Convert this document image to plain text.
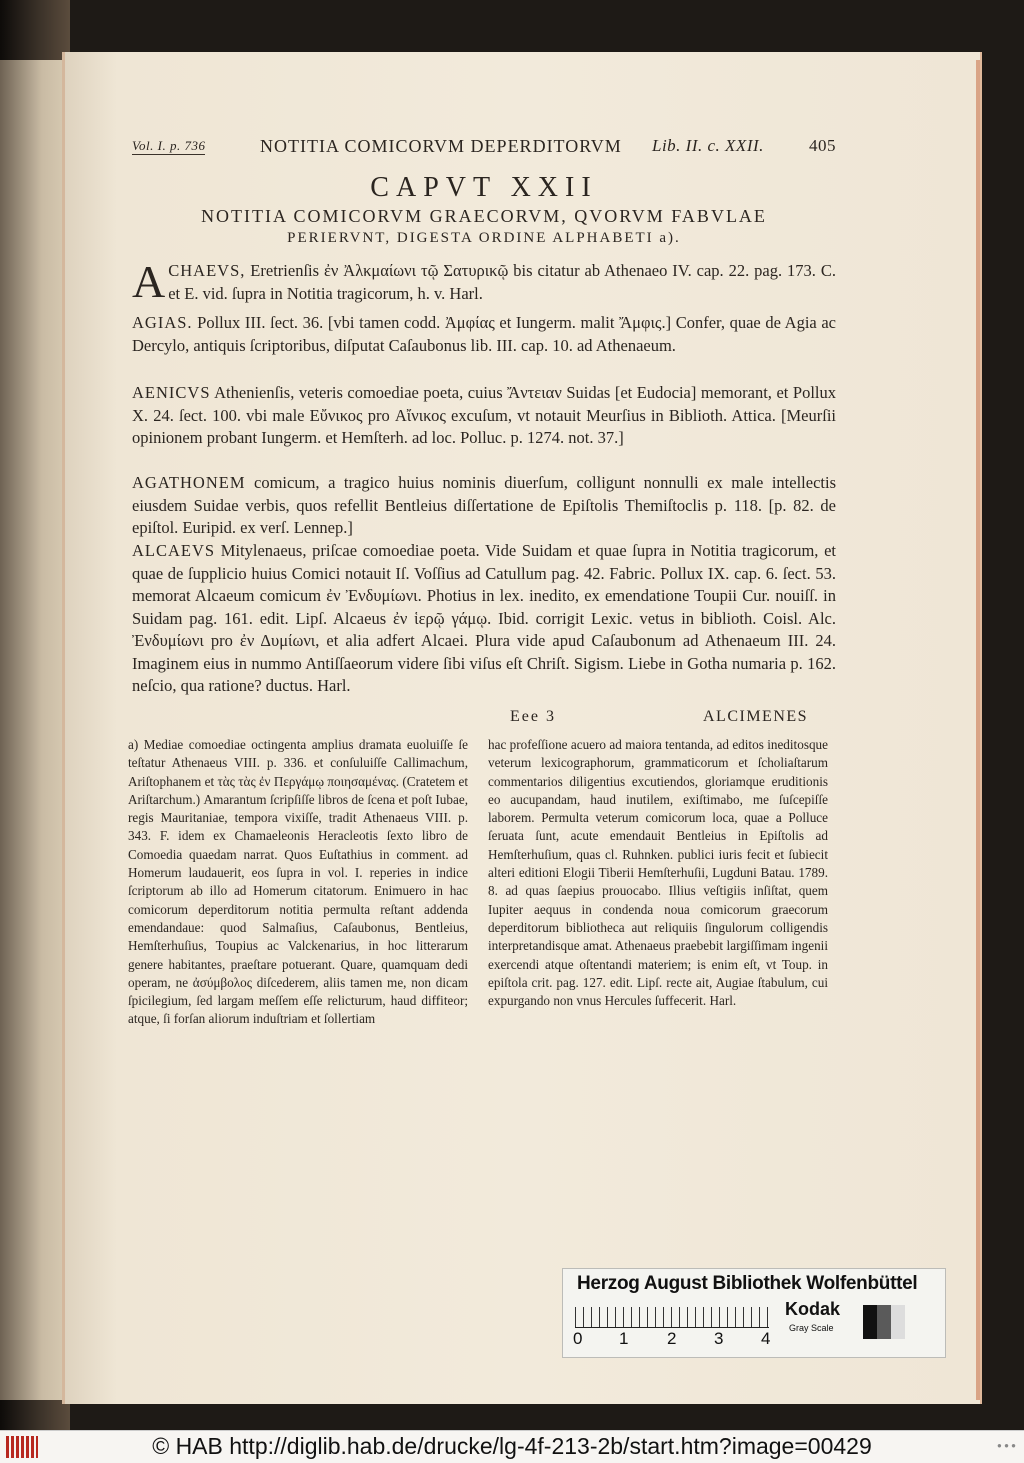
Vol. I. p. 736	NOTITIA COMICORVM DEPERDITORVM Lib. II. c. XXII.	405
CAPVT XXII
NOTITIA COMICORVM GRAECORVM, QVORVM FABVLAE
PERIERVNT, DIGESTA ORDINE ALPHABETI a).
ACHAEVS, Eretrienſis ἐν Ἀλκμαίωνι τῷ Σατυρικῷ bis citatur ab Athenaeo IV. cap. 22. pag. 173. C. et E. vid. ſupra in Notitia tragicorum, h. v. Harl.
AGIAS. Pollux III. ſect. 36. [vbi tamen codd. Ἀμφίας et Iungerm. malit Ἄμφις.] Confer, quae de Agia ac Dercylo, antiquis ſcriptoribus, diſputat Caſaubonus lib. III. cap. 10. ad Athenaeum.
AENICVS Athenienſis, veteris comoediae poeta, cuius Ἄντειαν Suidas [et Eudocia] memorant, et Pollux X. 24. ſect. 100. vbi male Εὔνικος pro Αἴνικος excuſum, vt notauit Meurſius in Biblioth. Attica. [Meurſii opinionem probant Iungerm. et Hemſterh. ad loc. Polluc. p. 1274. not. 37.]
AGATHONEM comicum, a tragico huius nominis diuerſum, colligunt nonnulli ex male intellectis eiusdem Suidae verbis, quos refellit Bentleius diſſertatione de Epiſtolis Themiſtoclis p. 118. [p. 82. de epiſtol. Euripid. ex verſ. Lennep.]
ALCAEVS Mitylenaeus, priſcae comoediae poeta. Vide Suidam et quae ſupra in Notitia tragicorum, et quae de ſupplicio huius Comici notauit Iſ. Voſſius ad Catullum pag. 42. Fabric. Pollux IX. cap. 6. ſect. 53. memorat Alcaeum comicum ἐν Ἐνδυμίωνι. Photius in lex. inedito, ex emendatione Toupii Cur. nouiſſ. in Suidam pag. 161. edit. Lipſ. Alcaeus ἐν ἱερῷ γάμῳ. Ibid. corrigit Lexic. vetus in biblioth. Coisl. Alc. Ἐνδυμίωνι pro ἐν Δυμίωνι, et alia adfert Alcaei. Plura vide apud Caſaubonum ad Athenaeum III. 24. Imaginem eius in nummo Antiſſaeorum videre ſibi viſus eſt Chriſt. Sigism. Liebe in Gotha numaria p. 162. neſcio, qua ratione? ductus. Harl.
Eee 3	ALCIMENES
a) Mediae comoediae octingenta amplius dramata euoluiſſe ſe teſtatur Athenaeus VIII. p. 336. et conſuluiſſe Callimachum, Ariſtophanem et τὰς τὰς ἐν Περγάμῳ ποιησαμένας. (Cratetem et Ariſtarchum.) Amarantum ſcripſiſſe libros de ſcena et poſt Iubae, regis Mauritaniae, tempora vixiſſe, tradit Athenaeus VIII. p. 343. F. idem ex Chamaeleonis Heracleotis ſexto libro de Comoedia quaedam narrat. Quos Euſtathius in comment. ad Homerum laudauerit, eos ſupra in vol. I. reperies in indice ſcriptorum ab illo ad Homerum citatorum. Enimuero in hac comicorum deperditorum notitia permulta reſtant addenda emendandaue: quod Salmaſius, Caſaubonus, Bentleius, Hemſterhuſius, Toupius ac Valckenarius, in hoc litterarum genere habitantes, praeſtare potuerant. Quare, quamquam dedi operam, ne ἀσύμβολος diſcederem, aliis tamen me, non dicam ſpicilegium, ſed largam meſſem eſſe relicturum, haud diffiteor; atque, ſi forſan aliorum induſtriam et ſollertiam
hac profeſſione acuero ad maiora tentanda, ad editos ineditosque veterum lexicographorum, grammaticorum et ſcholiaſtarum commentarios diligentius excutiendos, gloriamque eruditionis eo aucupandam, haud inutilem, exiſtimabo, me ſuſcepiſſe laborem. Permulta veterum comicorum loca, quae a Polluce ſeruata ſunt, acute emendauit Bentleius in Epiſtolis ad Hemſterhuſium, quas cl. Ruhnken. publici iuris fecit et ſubiecit alteri editioni Elogii Tiberii Hemſterhuſii, Lugduni Batau. 1789. 8. ad quas ſaepius prouocabo. Illius veſtigiis inſiſtat, quem Iupiter aequus in condenda noua comicorum graecorum deperditorum bibliotheca aut reliquiis ſingulorum colligendis interpretandisque amat. Athenaeus praebebit largiſſimam ingenii exercendi atque oſtentandi materiem; is enim eſt, vt Toup. in epiſtola crit. pag. 127. edit. Lipſ. recte ait, Augiae ſtabulum, cui expurgando non vnus Hercules ſuffecerit. Harl.
Herzog August Bibliothek Wolfenbüttel
0 1 2 3 4
Kodak
Gray Scale
© HAB http://diglib.hab.de/drucke/lg-4f-213-2b/start.htm?image=00429	● ● ●
